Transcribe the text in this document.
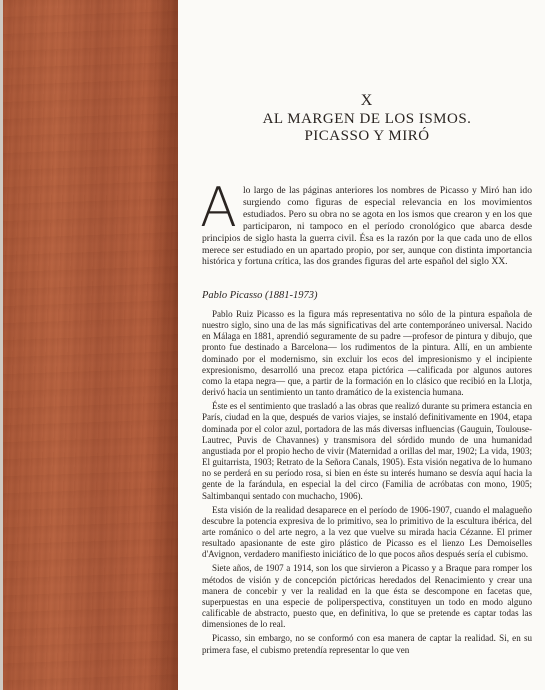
X
AL MARGEN DE LOS ISMOS.
PICASSO Y MIRÓ
A lo largo de las páginas anteriores los nombres de Picasso y Miró han ido surgiendo como figuras de especial relevancia en los movimientos estudiados. Pero su obra no se agota en los ismos que crearon y en los que participaron, ni tampoco en el período cronológico que abarca desde principios de siglo hasta la guerra civil. Ésa es la razón por la que cada uno de ellos merece ser estudiado en un apartado propio, por ser, aunque con distinta importancia histórica y fortuna crítica, las dos grandes figuras del arte español del siglo XX.
Pablo Picasso (1881-1973)

Pablo Ruiz Picasso es la figura más representativa no sólo de la pintura española de nuestro siglo, sino una de las más significativas del arte contemporáneo universal. Nacido en Málaga en 1881, aprendió seguramente de su padre —profesor de pintura y dibujo, que pronto fue destinado a Barcelona— los rudimentos de la pintura. Allí, en un ambiente dominado por el modernismo, sin excluir los ecos del impresionismo y el incipiente expresionismo, desarrolló una precoz etapa pictórica —calificada por algunos autores como la etapa negra— que, a partir de la formación en lo clásico que recibió en la Llotja, derivó hacia un sentimiento un tanto dramático de la existencia humana.

Éste es el sentimiento que trasladó a las obras que realizó durante su primera estancia en París, ciudad en la que, después de varios viajes, se instaló definitivamente en 1904, etapa dominada por el color azul, portadora de las más diversas influencias (Gauguin, Toulouse-Lautrec, Puvis de Chavannes) y transmisora del sórdido mundo de una humanidad angustiada por el propio hecho de vivir (Maternidad a orillas del mar, 1902; La vida, 1903; El guitarrista, 1903; Retrato de la Señora Canals, 1905). Esta visión negativa de lo humano no se perderá en su período rosa, si bien en éste su interés humano se desvía aquí hacia la gente de la farándula, en especial la del circo (Familia de acróbatas con mono, 1905; Saltimbanqui sentado con muchacho, 1906).

Esta visión de la realidad desaparece en el período de 1906-1907, cuando el malagueño descubre la potencia expresiva de lo primitivo, sea lo primitivo de la escultura ibérica, del arte románico o del arte negro, a la vez que vuelve su mirada hacia Cézanne. El primer resultado apasionante de este giro plástico de Picasso es el lienzo Les Demoiselles d'Avignon, verdadero manifiesto iniciático de lo que pocos años después sería el cubismo.

Siete años, de 1907 a 1914, son los que sirvieron a Picasso y a Braque para romper los métodos de visión y de concepción pictóricas heredados del Renacimiento y crear una manera de concebir y ver la realidad en la que ésta se descompone en facetas que, superpuestas en una especie de poliperspectiva, constituyen un todo en modo alguno calificable de abstracto, puesto que, en definitiva, lo que se pretende es captar todas las dimensiones de lo real.

Picasso, sin embargo, no se conformó con esa manera de captar la realidad. Si, en su primera fase, el cubismo pretendía representar lo que ven
